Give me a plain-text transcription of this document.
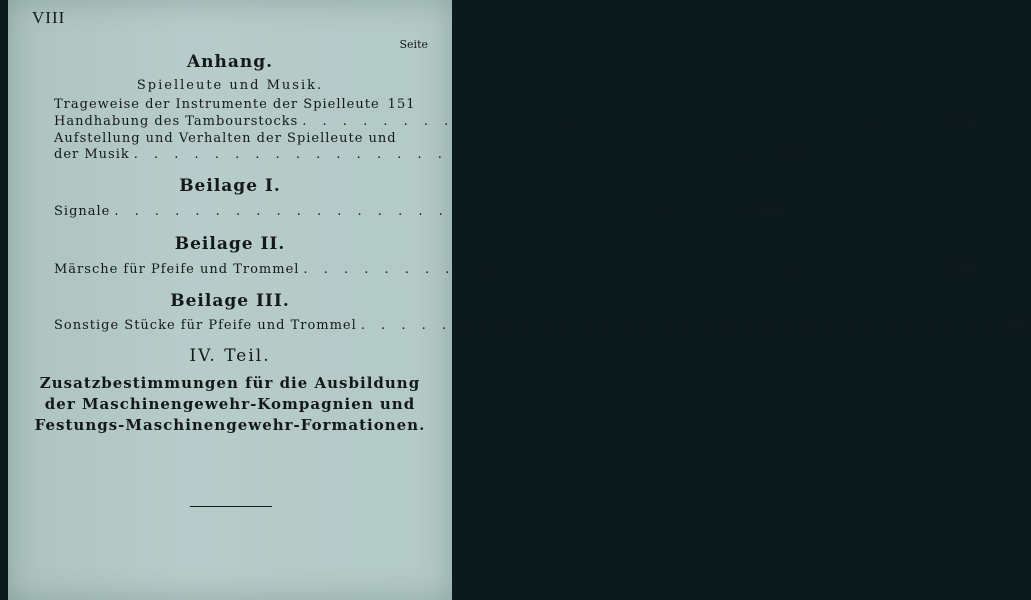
VIII
Seite
Anhang.
Spielleute und Musik.
Trageweise der Instrumente der Spielleute 151
Handhabung des Tambourstocks . . . . . . . . . . . . . . . . . . . . . . . . . . . . . . . . 153
Aufstellung und Verhalten der Spielleute und
der Musik . . . . . . . . . . . . . . . . . . . . . . . . . . . . . . . . 155
Beilage I.
Signale . . . . . . . . . . . . . . . . . . . . . . . . . . . . . . . . 161
Beilage II.
Märsche für Pfeife und Trommel . . . . . . . . . . . . . . . . . . . . . . . . . . . . . . . . 168
Beilage III.
Sonstige Stücke für Pfeife und Trommel . . . . . . . . . . . . . . . . . . . . . . . . . . . . . . . . 185
IV. Teil.
Zusatzbestimmungen für die Ausbildung
der Maschinengewehr-Kompagnien und
Festungs-Maschinengewehr-Formationen.
